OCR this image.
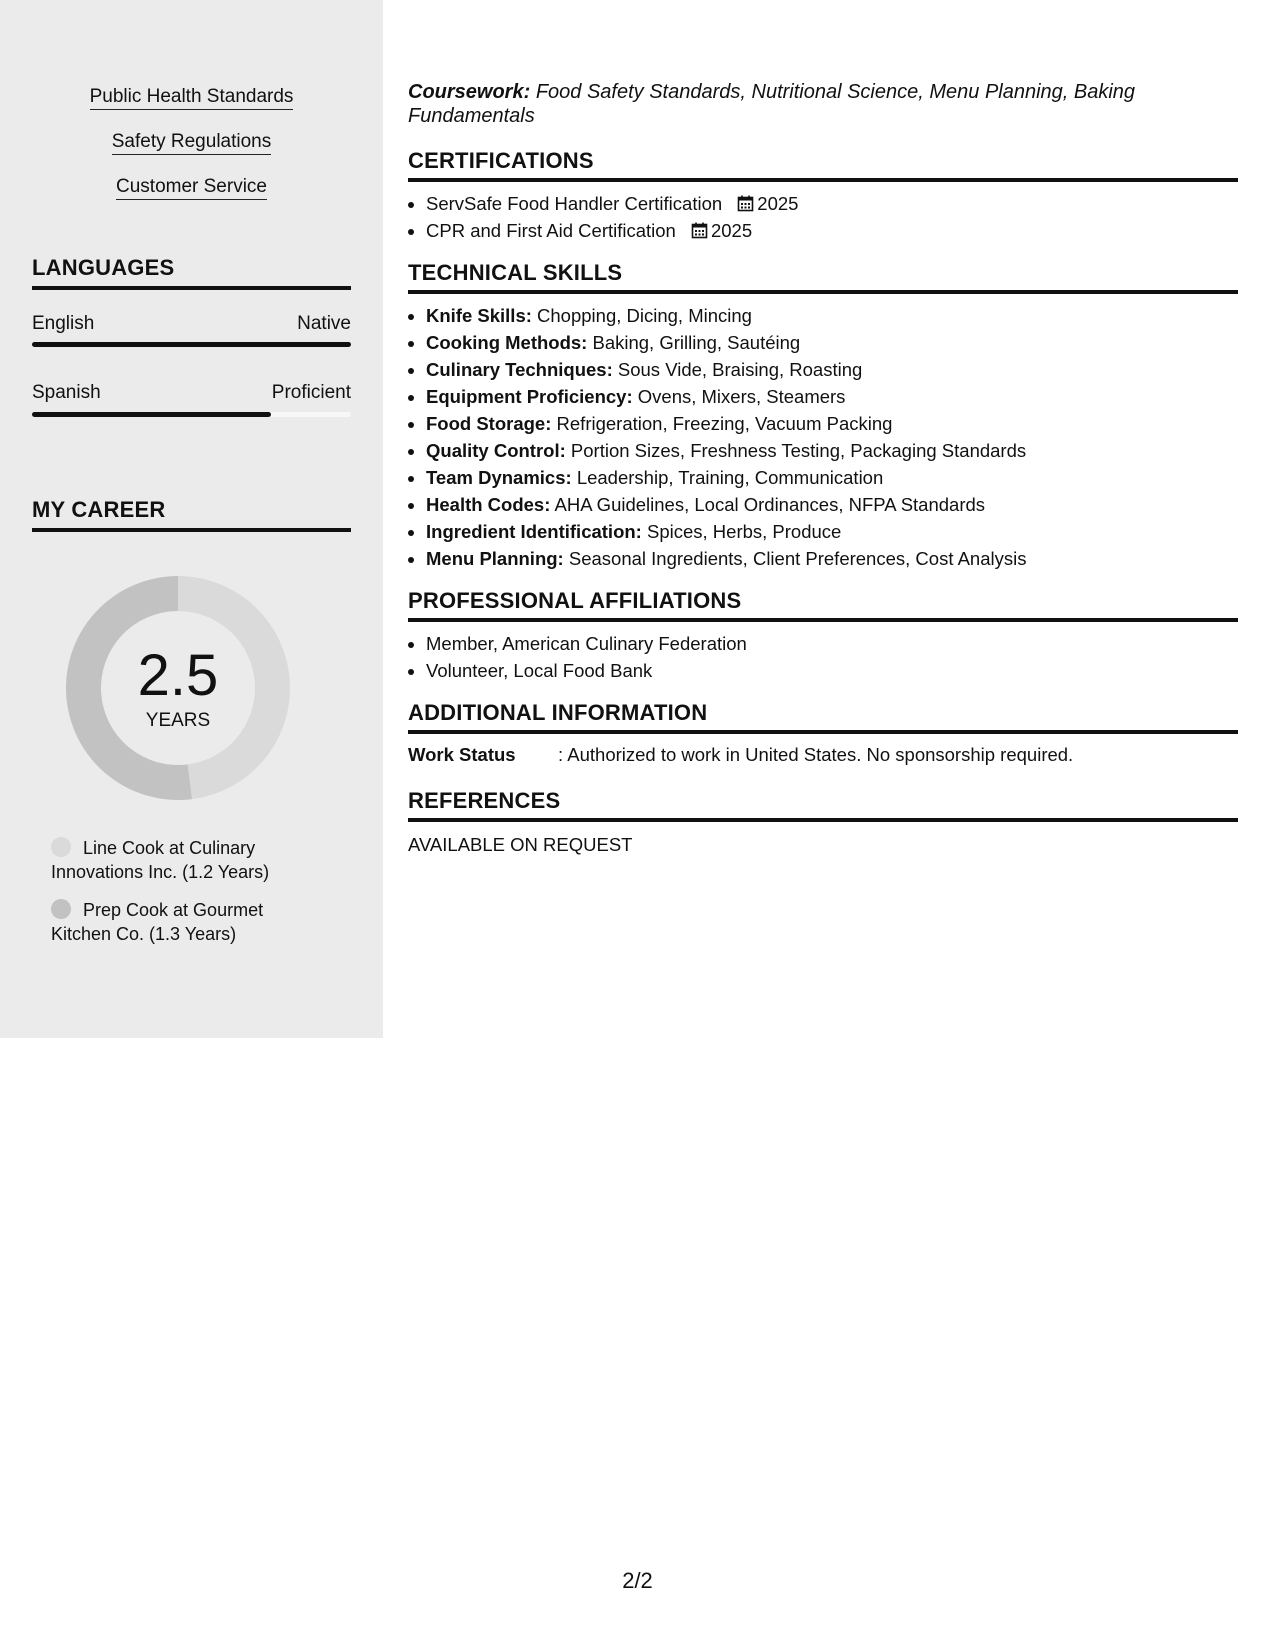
Public Health Standards
Safety Regulations
Customer Service
LANGUAGES
English	Native
Spanish	Proficient
MY CAREER
2.5
YEARS
Line Cook at Culinary Innovations Inc. (1.2 Years)
Prep Cook at Gourmet Kitchen Co. (1.3 Years)

Coursework: Food Safety Standards, Nutritional Science, Menu Planning, Baking Fundamentals

CERTIFICATIONS
• ServSafe Food Handler Certification 2025
• CPR and First Aid Certification 2025
TECHNICAL SKILLS
• Knife Skills: Chopping, Dicing, Mincing
• Cooking Methods: Baking, Grilling, Sautéing
• Culinary Techniques: Sous Vide, Braising, Roasting
• Equipment Proficiency: Ovens, Mixers, Steamers
• Food Storage: Refrigeration, Freezing, Vacuum Packing
• Quality Control: Portion Sizes, Freshness Testing, Packaging Standards
• Team Dynamics: Leadership, Training, Communication
• Health Codes: AHA Guidelines, Local Ordinances, NFPA Standards
• Ingredient Identification: Spices, Herbs, Produce
• Menu Planning: Seasonal Ingredients, Client Preferences, Cost Analysis
PROFESSIONAL AFFILIATIONS
• Member, American Culinary Federation
• Volunteer, Local Food Bank
ADDITIONAL INFORMATION
Work Status : Authorized to work in United States. No sponsorship required.
REFERENCES
AVAILABLE ON REQUEST
2/2
